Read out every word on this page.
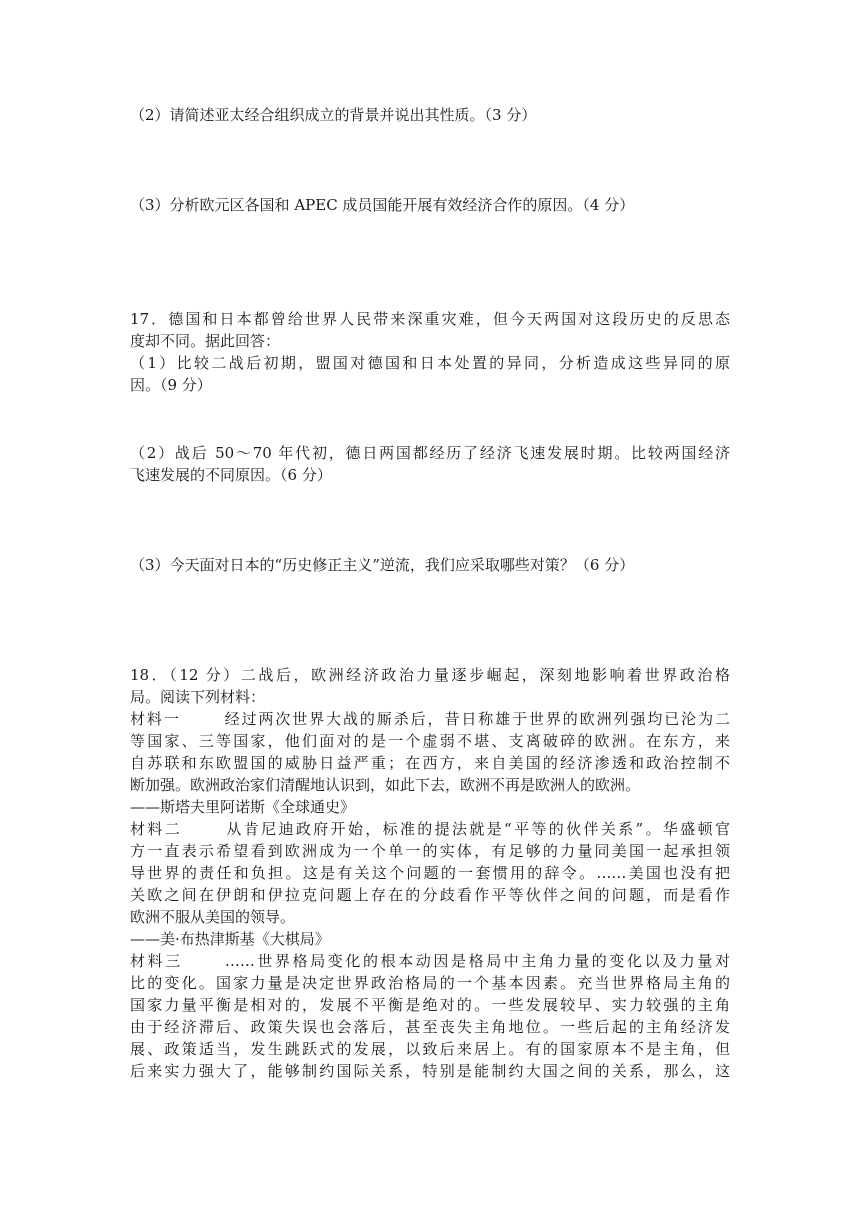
（2）请简述亚太经合组织成立的背景并说出其性质。（3 分）

（3）分析欧元区各国和 APEC 成员国能开展有效经济合作的原因。（4 分）

17．德国和日本都曾给世界人民带来深重灾难，但今天两国对这段历史的反思态
度却不同。据此回答：
（1）比较二战后初期，盟国对德国和日本处置的异同，分析造成这些异同的原
因。（9 分）
（2）战后 50～70 年代初，德日两国都经历了经济飞速发展时期。比较两国经济
飞速发展的不同原因。（6 分）

（3）今天面对日本的“历史修正主义”逆流，我们应采取哪些对策？（6 分）

18．（12 分）二战后，欧洲经济政治力量逐步崛起，深刻地影响着世界政治格
局。阅读下列材料：
材料一	经过两次世界大战的厮杀后，昔日称雄于世界的欧洲列强均已沦为二
等国家、三等国家，他们面对的是一个虚弱不堪、支离破碎的欧洲。在东方，来
自苏联和东欧盟国的威胁日益严重；在西方，来自美国的经济渗透和政治控制不
断加强。欧洲政治家们清醒地认识到，如此下去，欧洲不再是欧洲人的欧洲。
——斯塔夫里阿诺斯《全球通史》
材料二	从肯尼迪政府开始，标准的提法就是“平等的伙伴关系”。华盛顿官
方一直表示希望看到欧洲成为一个单一的实体，有足够的力量同美国一起承担领
导世界的责任和负担。这是有关这个问题的一套惯用的辞令。……美国也没有把
关欧之间在伊朗和伊拉克问题上存在的分歧看作平等伙伴之间的问题，而是看作
欧洲不服从美国的领导。
——美·布热津斯基《大棋局》
材料三	……世界格局变化的根本动因是格局中主角力量的变化以及力量对
比的变化。国家力量是决定世界政治格局的一个基本因素。充当世界格局主角的
国家力量平衡是相对的，发展不平衡是绝对的。一些发展较早、实力较强的主角
由于经济滞后、政策失误也会落后，甚至丧失主角地位。一些后起的主角经济发
展、政策适当，发生跳跃式的发展，以致后来居上。有的国家原本不是主角，但
后来实力强大了，能够制约国际关系，特别是能制约大国之间的关系，那么，这
